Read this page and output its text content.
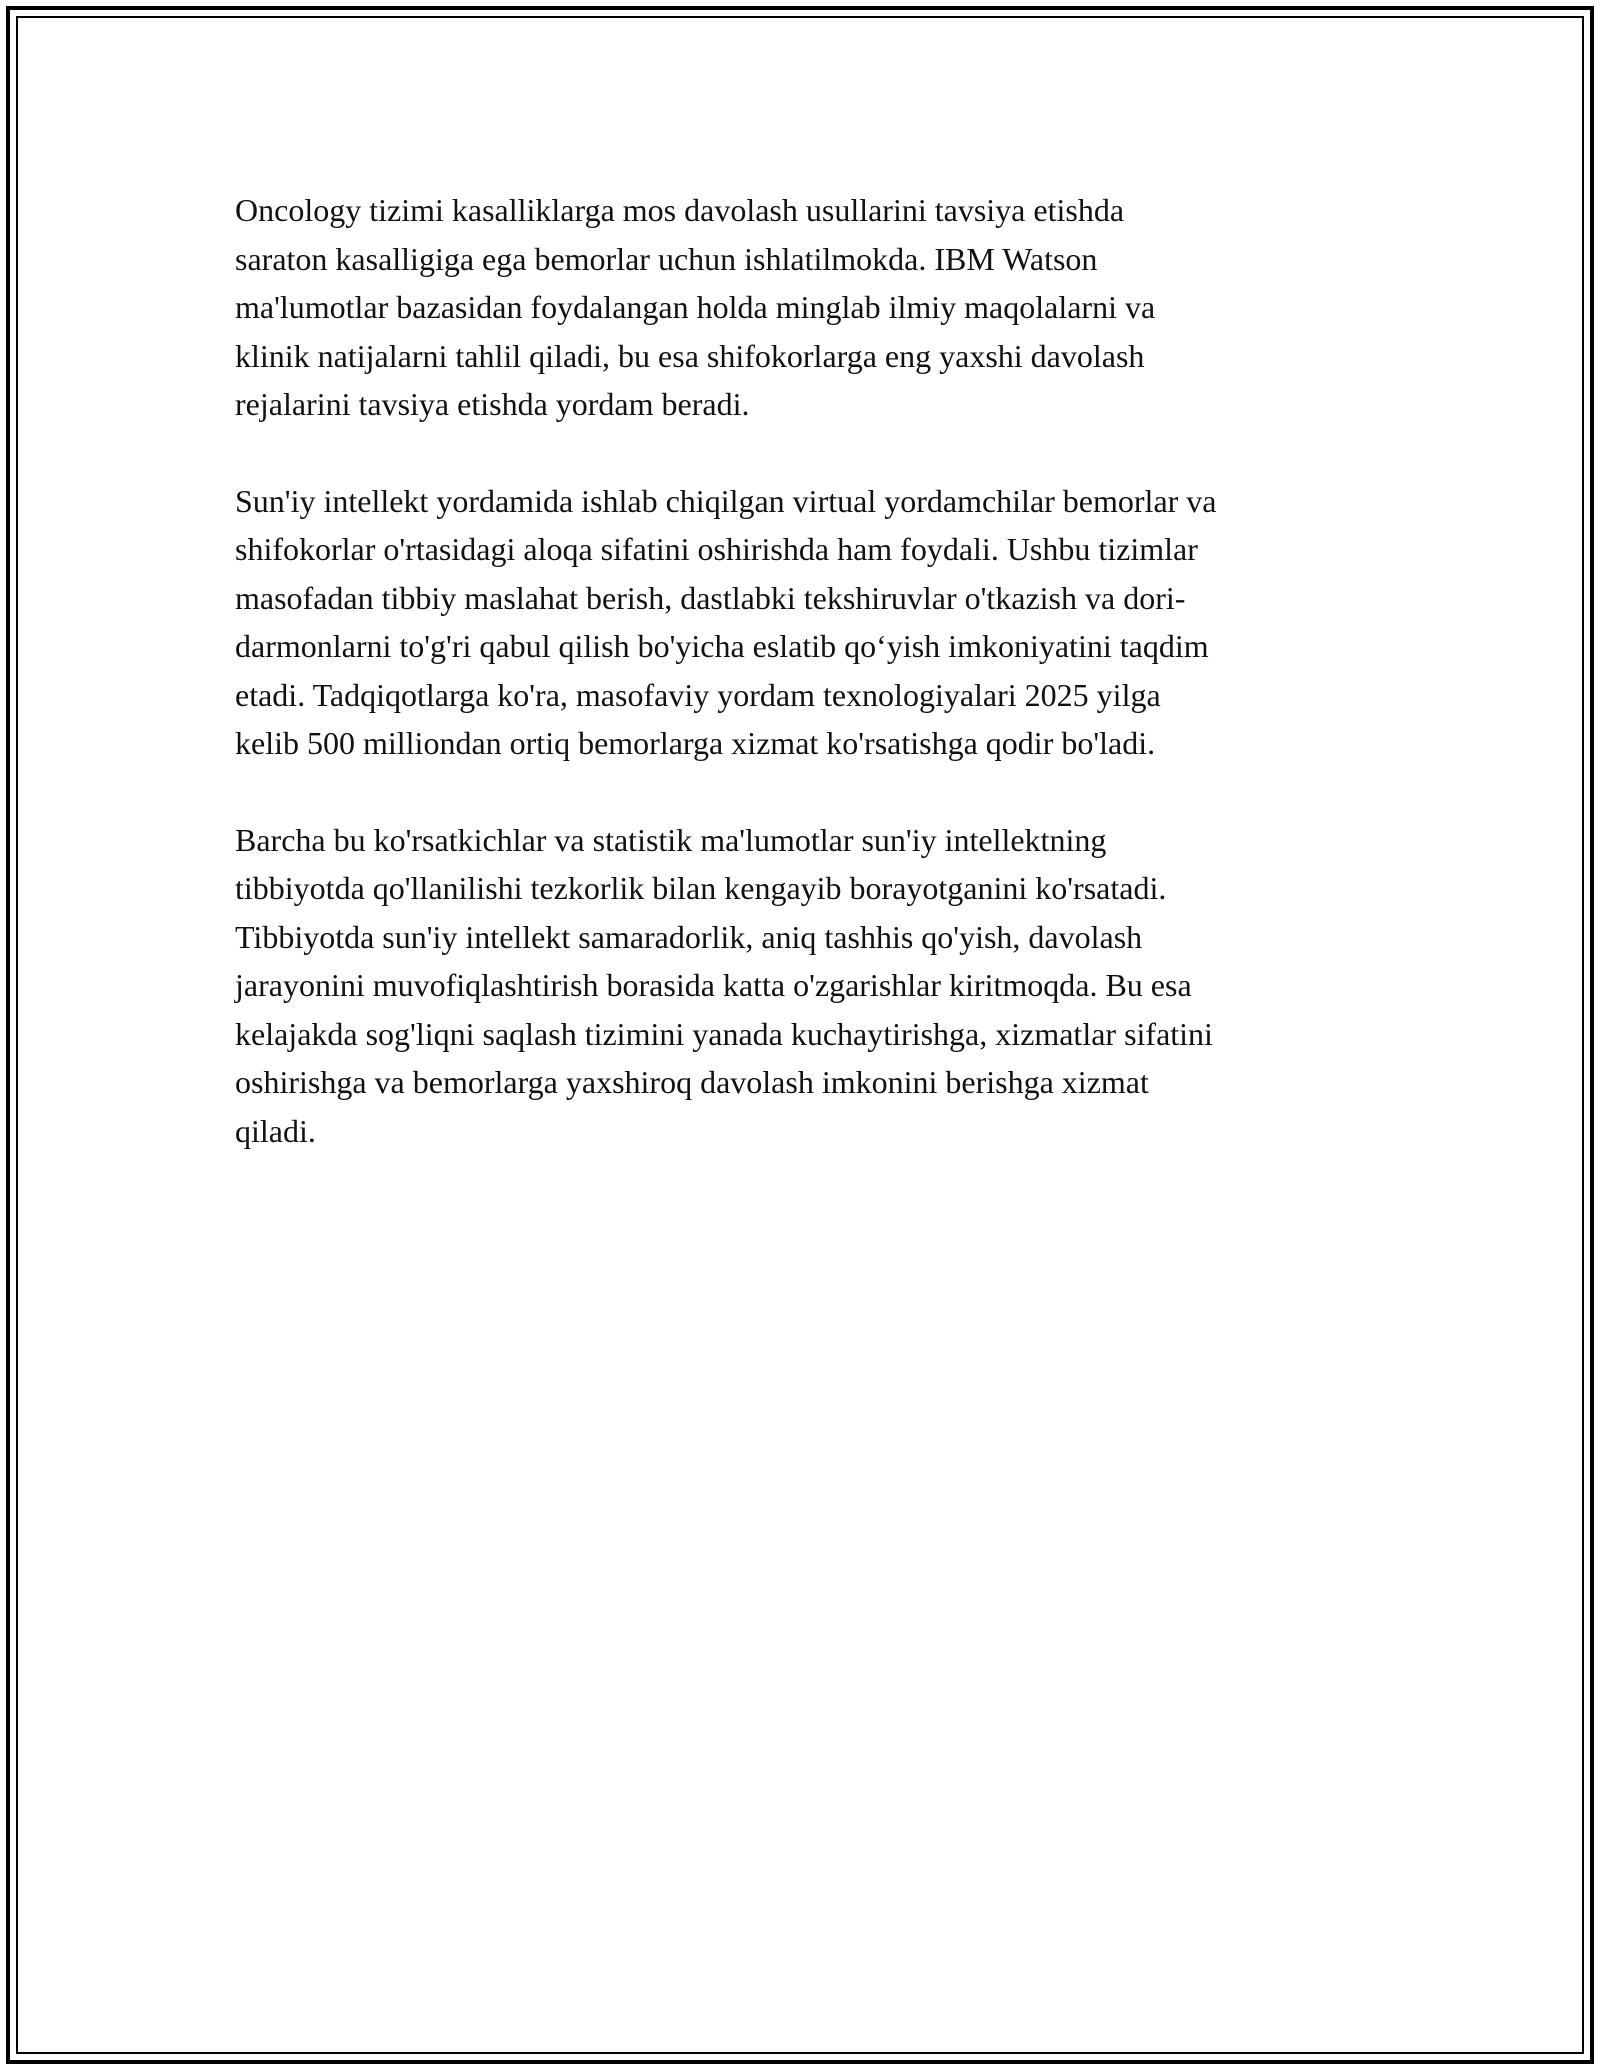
Oncology tizimi kasalliklarga mos davolash usullarini tavsiya etishda
saraton kasalligiga ega bemorlar uchun ishlatilmokda. IBM Watson
ma'lumotlar bazasidan foydalangan holda minglab ilmiy maqolalarni va
klinik natijalarni tahlil qiladi, bu esa shifokorlarga eng yaxshi davolash
rejalarini tavsiya etishda yordam beradi.

Sun'iy intellekt yordamida ishlab chiqilgan virtual yordamchilar bemorlar va
shifokorlar o'rtasidagi aloqa sifatini oshirishda ham foydali. Ushbu tizimlar
masofadan tibbiy maslahat berish, dastlabki tekshiruvlar o'tkazish va dori-
darmonlarni to'g'ri qabul qilish bo'yicha eslatib qo‘yish imkoniyatini taqdim
etadi. Tadqiqotlarga ko'ra, masofaviy yordam texnologiyalari 2025 yilga
kelib 500 milliondan ortiq bemorlarga xizmat ko'rsatishga qodir bo'ladi.

Barcha bu ko'rsatkichlar va statistik ma'lumotlar sun'iy intellektning
tibbiyotda qo'llanilishi tezkorlik bilan kengayib borayotganini ko'rsatadi.
Tibbiyotda sun'iy intellekt samaradorlik, aniq tashhis qo'yish, davolash
jarayonini muvofiqlashtirish borasida katta o'zgarishlar kiritmoqda. Bu esa
kelajakda sog'liqni saqlash tizimini yanada kuchaytirishga, xizmatlar sifatini
oshirishga va bemorlarga yaxshiroq davolash imkonini berishga xizmat
qiladi.
